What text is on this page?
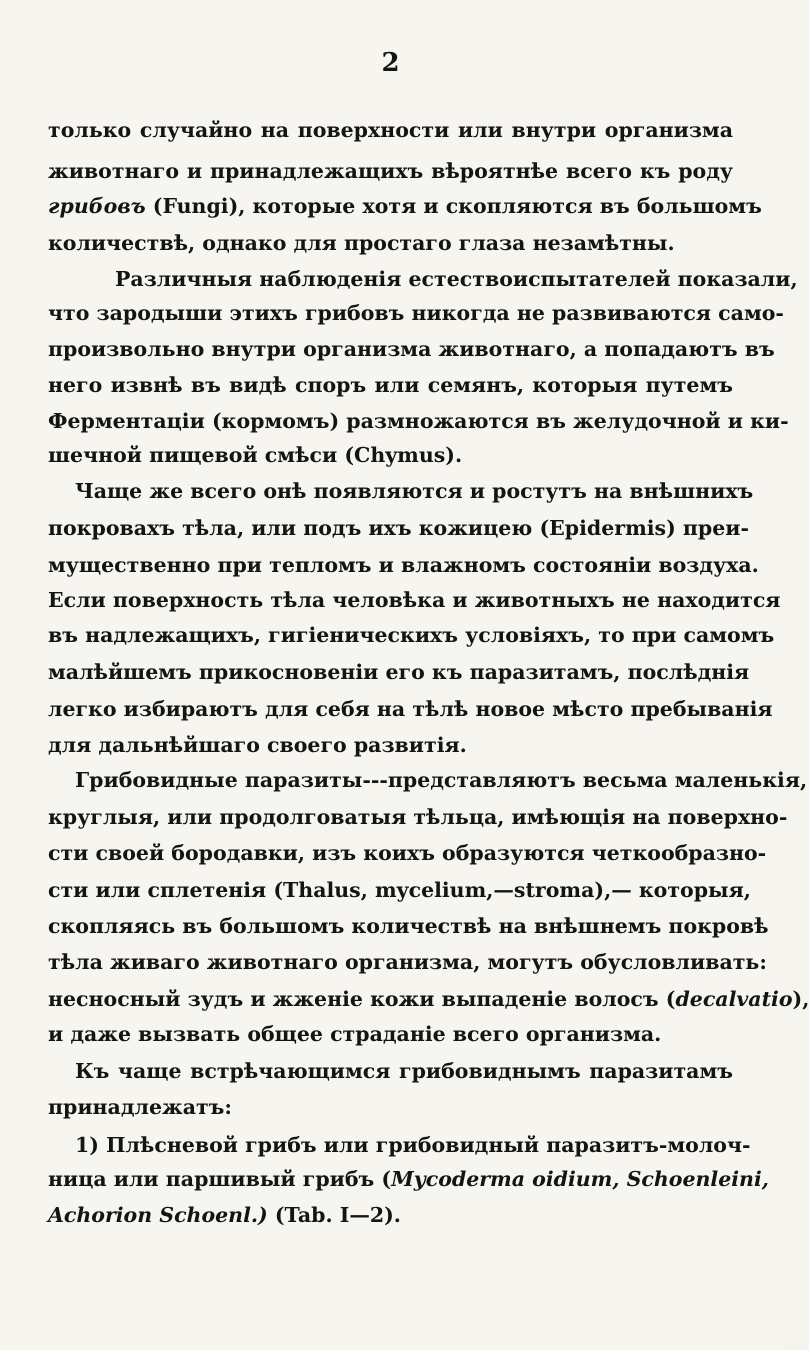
2
только случайно на поверхности или внутри организма
животнаго и принадлежащихъ вѣроятнѣе всего къ роду
грибовъ (Fungi), которые хотя и скопляются въ большомъ
количествѣ, однако для простаго глаза незамѣтны.
Различныя наблюденія естествоиспытателей показали,
что зародыши этихъ грибовъ никогда не развиваются само-
произвольно внутри организма животнаго, а попадаютъ въ
него извнѣ въ видѣ споръ или семянъ, которыя путемъ
Ферментаціи (кормомъ) размножаются въ желудочной и ки-
шечной пищевой смѣси (Chymus).
Чаще же всего онѣ появляются и ростутъ на внѣшнихъ
покровахъ тѣла, или подъ ихъ кожицею (Epidermis) преи-
мущественно при тепломъ и влажномъ состояніи воздуха.
Если поверхность тѣла человѣка и животныхъ не находится
въ надлежащихъ, гигіеническихъ условіяхъ, то при самомъ
малѣйшемъ прикосновеніи его къ паразитамъ, послѣднія
легко избираютъ для себя на тѣлѣ новое мѣсто пребыванія
для дальнѣйшаго своего развитія.
Грибовидные паразиты---представляютъ весьма маленькія,
круглыя, или продолговатыя тѣльца, имѣющія на поверхно-
сти своей бородавки, изъ коихъ образуются четкообразно-
сти или сплетенія (Thalus, mycelium,—stroma),— которыя,
скопляясь въ большомъ количествѣ на внѣшнемъ покровѣ
тѣла живаго животнаго организма, могутъ обусловливать:
несносный зудъ и жженіе кожи выпаденіе волосъ (decalvatio),
и даже вызвать общее страданіе всего организма.
Къ чаще встрѣчающимся грибовиднымъ паразитамъ
принадлежатъ:
1) Плѣсневой грибъ или грибовидный паразитъ-молоч-
ница или паршивый грибъ (Mycoderma oidium, Schoenleini,
Achorion Schoenl.) (Tab. I—2).
